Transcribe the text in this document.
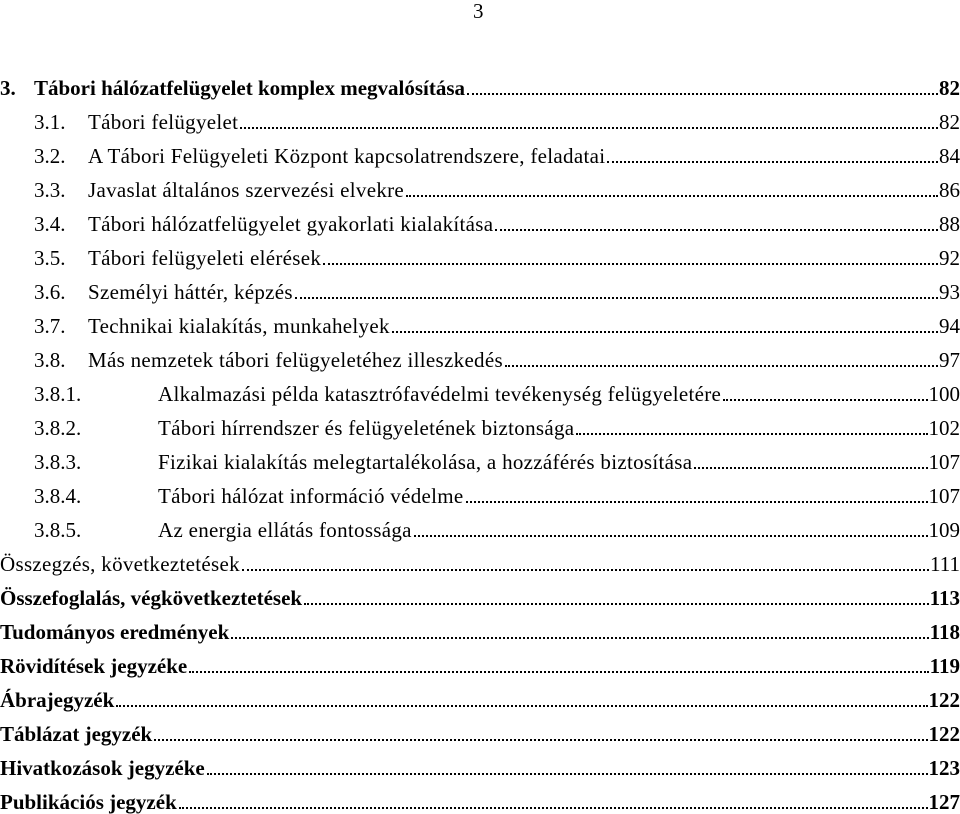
3
3. Tábori hálózatfelügyelet komplex megvalósítása	82
3.1.	Tábori felügyelet	82
3.2.	A Tábori Felügyeleti Központ kapcsolatrendszere, feladatai	84
3.3.	Javaslat általános szervezési elvekre	86
3.4.	Tábori hálózatfelügyelet gyakorlati kialakítása	88
3.5.	Tábori felügyeleti elérések	92
3.6.	Személyi háttér, képzés	93
3.7.	Technikai kialakítás, munkahelyek	94
3.8.	Más nemzetek tábori felügyeletéhez illeszkedés	97
3.8.1.	Alkalmazási példa katasztrófavédelmi tevékenység felügyeletére	100
3.8.2.	Tábori hírrendszer és felügyeletének biztonsága	102
3.8.3.	Fizikai kialakítás melegtartalékolása, a hozzáférés biztosítása	107
3.8.4.	Tábori hálózat információ védelme	107
3.8.5.	Az energia ellátás fontossága	109
Összegzés, következtetések	111
Összefoglalás, végkövetkeztetések	113
Tudományos eredmények	118
Rövidítések jegyzéke	119
Ábrajegyzék	122
Táblázat jegyzék	122
Hivatkozások jegyzéke	123
Publikációs jegyzék	127
